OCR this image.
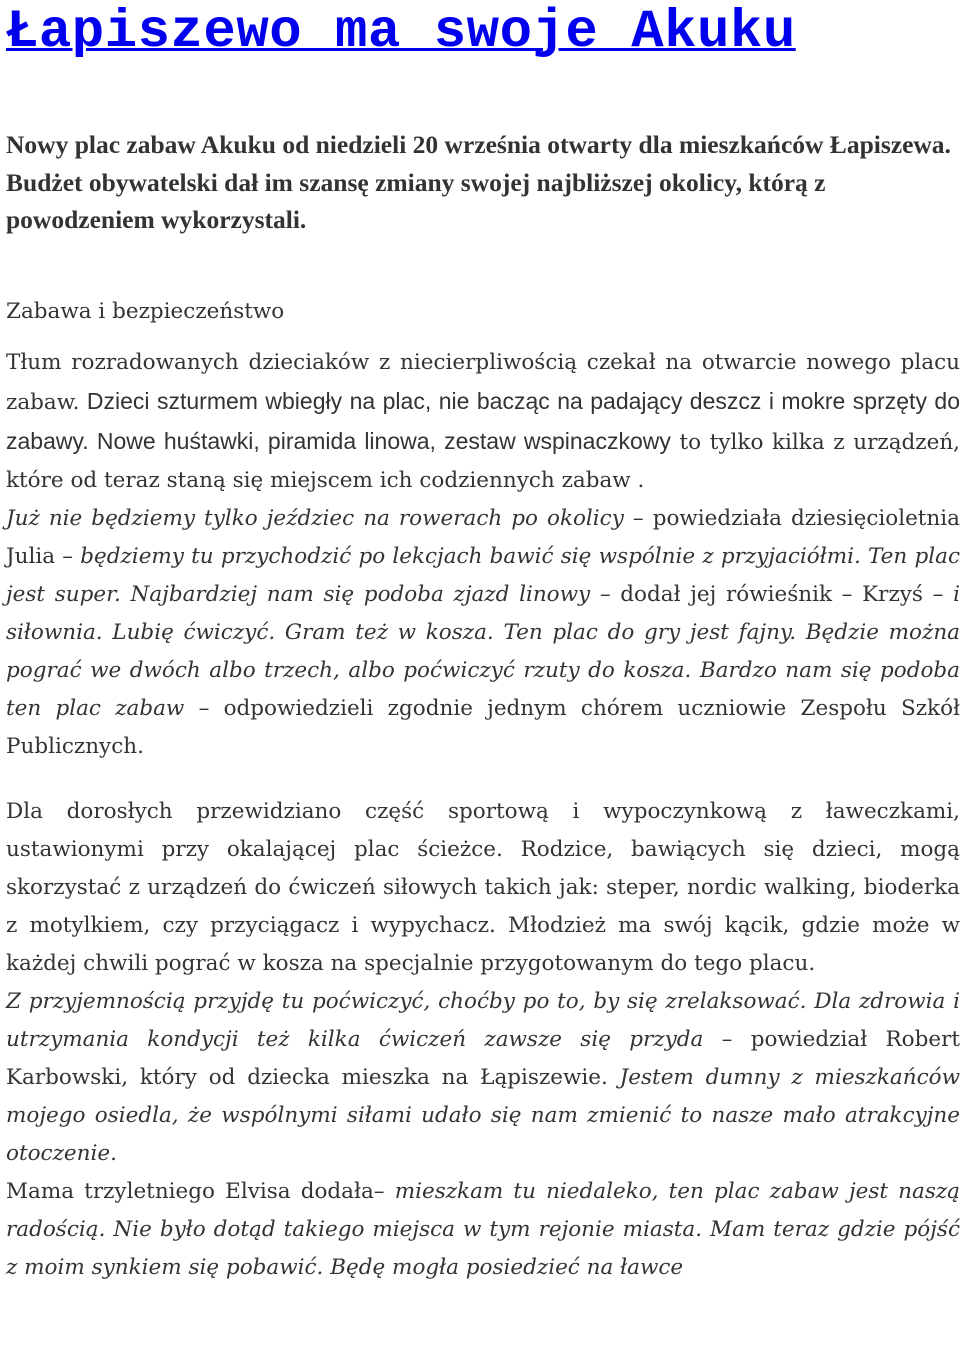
Łapiszewo ma swoje Akuku

Nowy plac zabaw Akuku od niedzieli 20 września otwarty dla mieszkańców Łapiszewa. Budżet obywatelski dał im szansę zmiany swojej najbliższej okolicy, którą z powodzeniem wykorzystali.

Zabawa i bezpieczeństwo

Tłum rozradowanych dzieciaków z niecierpliwością czekał na otwarcie nowego placu zabaw. Dzieci szturmem wbiegły na plac, nie bacząc na padający deszcz i mokre sprzęty do zabawy. Nowe huśtawki, piramida linowa, zestaw wspinaczkowy to tylko kilka z urządzeń, które od teraz staną się miejscem ich codziennych zabaw .
Już nie będziemy tylko jeździec na rowerach po okolicy – powiedziała dziesięcioletnia Julia – będziemy tu przychodzić po lekcjach bawić się wspólnie z przyjaciółmi. Ten plac jest super. Najbardziej nam się podoba zjazd linowy – dodał jej rówieśnik – Krzyś – i siłownia. Lubię ćwiczyć. Gram też w kosza. Ten plac do gry jest fajny. Będzie można pograć we dwóch albo trzech, albo poćwiczyć rzuty do kosza. Bardzo nam się podoba ten plac zabaw – odpowiedzieli zgodnie jednym chórem uczniowie Zespołu Szkół Publicznych.

Dla dorosłych przewidziano część sportową i wypoczynkową z ławeczkami, ustawionymi przy okalającej plac ścieżce. Rodzice, bawiących się dzieci, mogą skorzystać z urządzeń do ćwiczeń siłowych takich jak: steper, nordic walking, bioderka z motylkiem, czy przyciągacz i wypychacz. Młodzież ma swój kącik, gdzie może w każdej chwili pograć w kosza na specjalnie przygotowanym do tego placu.
Z przyjemnością przyjdę tu poćwiczyć, choćby po to, by się zrelaksować. Dla zdrowia i utrzymania kondycji też kilka ćwiczeń zawsze się przyda – powiedział Robert Karbowski, który od dziecka mieszka na Łąpiszewie. Jestem dumny z mieszkańców mojego osiedla, że wspólnymi siłami udało się nam zmienić to nasze mało atrakcyjne otoczenie.
Mama trzyletniego Elvisa dodała– mieszkam tu niedaleko, ten plac zabaw jest naszą radością. Nie było dotąd takiego miejsca w tym rejonie miasta. Mam teraz gdzie pójść z moim synkiem się pobawić. Będę mogła posiedzieć na ławce
